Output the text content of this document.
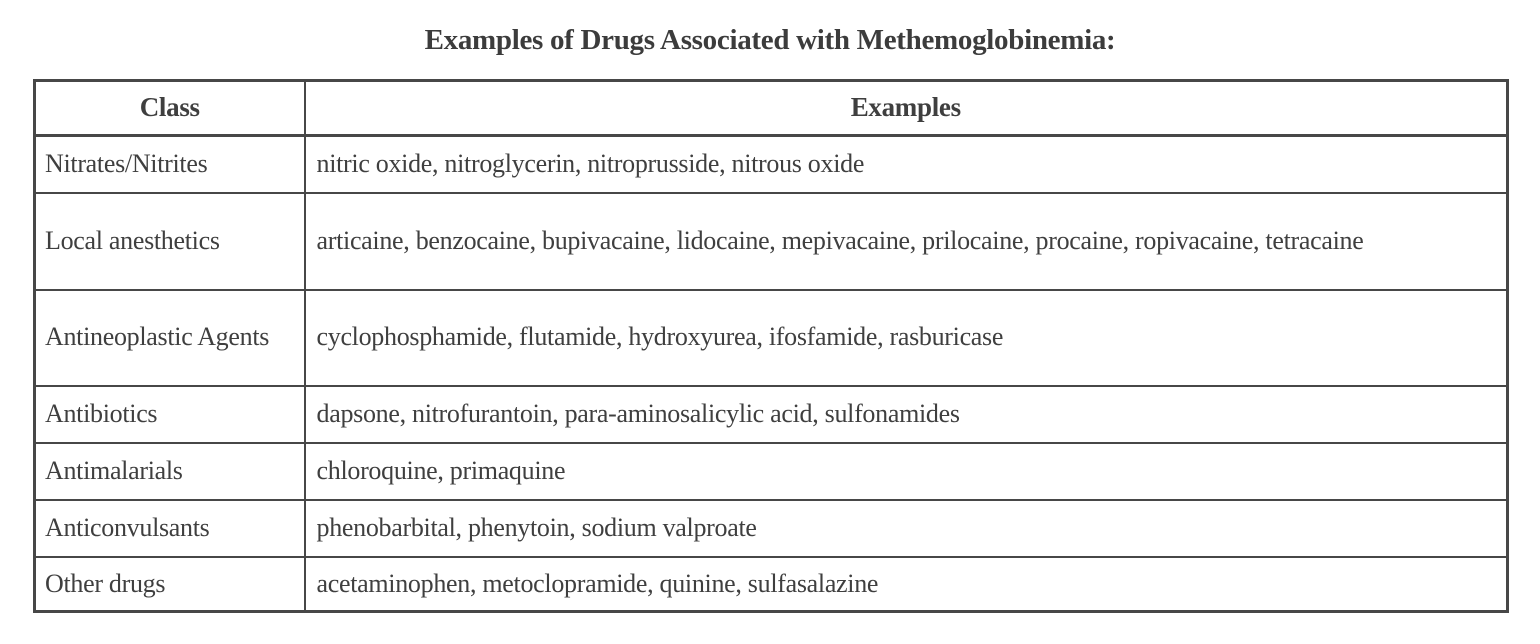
Examples of Drugs Associated with Methemoglobinemia:
Class	Examples
Nitrates/Nitrites	nitric oxide, nitroglycerin, nitroprusside, nitrous oxide
Local anesthetics	articaine, benzocaine, bupivacaine, lidocaine, mepivacaine, prilocaine, procaine, ropivacaine, tetracaine
Antineoplastic Agents	cyclophosphamide, flutamide, hydroxyurea, ifosfamide, rasburicase
Antibiotics	dapsone, nitrofurantoin, para-aminosalicylic acid, sulfonamides
Antimalarials	chloroquine, primaquine
Anticonvulsants	phenobarbital, phenytoin, sodium valproate
Other drugs	acetaminophen, metoclopramide, quinine, sulfasalazine
